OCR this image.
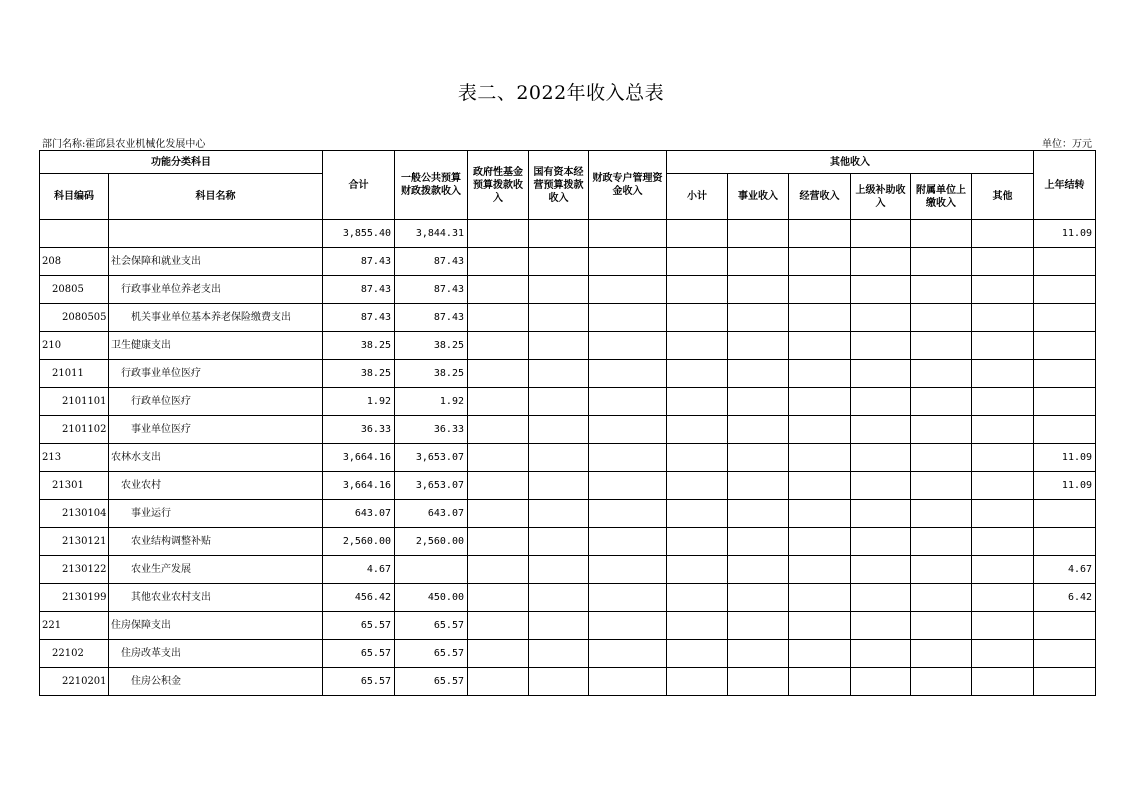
表二、2022年收入总表
部门名称:霍邱县农业机械化发展中心	单位：万元
功能分类科目		合计	一般公共预算财政拨款收入	政府性基金预算拨款收入	国有资本经营预算拨款收入	财政专户管理资金收入	其他收入						上年结转
科目编码	科目名称						小计	事业收入	经营收入	上级补助收入	附属单位上缴收入	其他	
		3,855.40	3,844.31										11.09
208	社会保障和就业支出	87.43	87.43										
20805	行政事业单位养老支出	87.43	87.43										
2080505	机关事业单位基本养老保险缴费支出	87.43	87.43										
210	卫生健康支出	38.25	38.25										
21011	行政事业单位医疗	38.25	38.25										
2101101	行政单位医疗	1.92	1.92										
2101102	事业单位医疗	36.33	36.33										
213	农林水支出	3,664.16	3,653.07										11.09
21301	农业农村	3,664.16	3,653.07										11.09
2130104	事业运行	643.07	643.07										
2130121	农业结构调整补贴	2,560.00	2,560.00										
2130122	农业生产发展	4.67											4.67
2130199	其他农业农村支出	456.42	450.00										6.42
221	住房保障支出	65.57	65.57										
22102	住房改革支出	65.57	65.57										
2210201	住房公积金	65.57	65.57										
